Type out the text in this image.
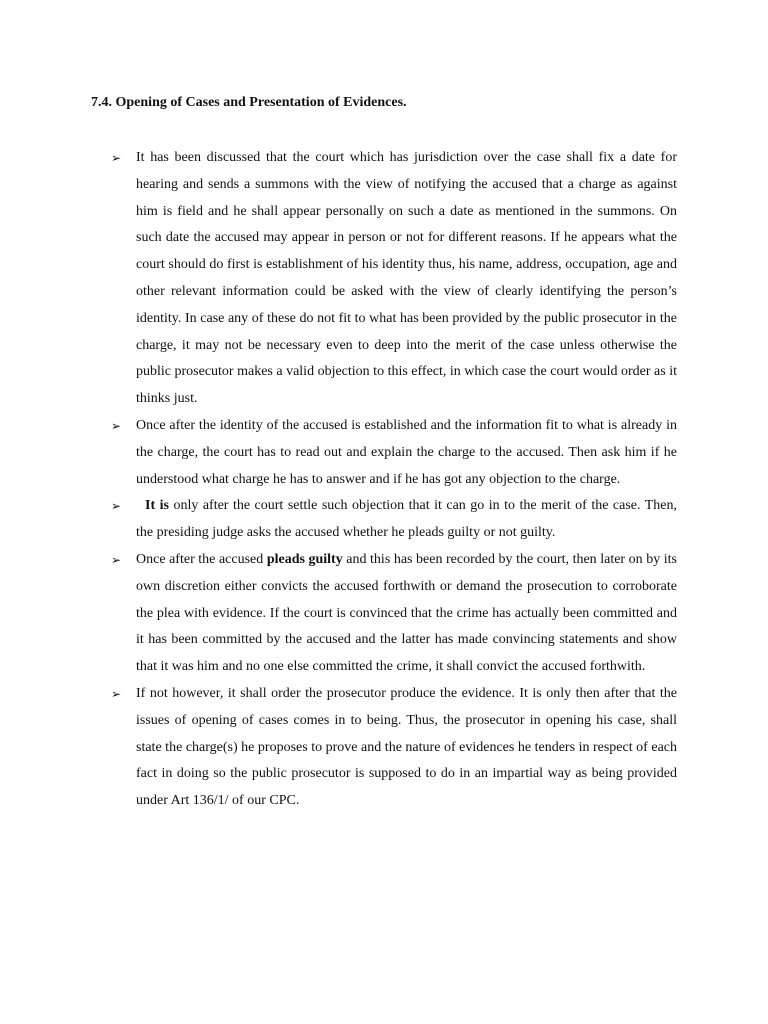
7.4. Opening of Cases and Presentation of Evidences.
➢ It has been discussed that the court which has jurisdiction over the case shall fix a date for hearing and sends a summons with the view of notifying the accused that a charge as against him is field and he shall appear personally on such a date as mentioned in the summons. On such date the accused may appear in person or not for different reasons. If he appears what the court should do first is establishment of his identity thus, his name, address, occupation, age and other relevant information could be asked with the view of clearly identifying the person’s identity. In case any of these do not fit to what has been provided by the public prosecutor in the charge, it may not be necessary even to deep into the merit of the case unless otherwise the public prosecutor makes a valid objection to this effect, in which case the court would order as it thinks just.
➢ Once after the identity of the accused is established and the information fit to what is already in the charge, the court has to read out and explain the charge to the accused. Then ask him if he understood what charge he has to answer and if he has got any objection to the charge.
➢ It is only after the court settle such objection that it can go in to the merit of the case. Then, the presiding judge asks the accused whether he pleads guilty or not guilty.
➢ Once after the accused pleads guilty and this has been recorded by the court, then later on by its own discretion either convicts the accused forthwith or demand the prosecution to corroborate the plea with evidence. If the court is convinced that the crime has actually been committed and it has been committed by the accused and the latter has made convincing statements and show that it was him and no one else committed the crime, it shall convict the accused forthwith.
➢ If not however, it shall order the prosecutor produce the evidence. It is only then after that the issues of opening of cases comes in to being. Thus, the prosecutor in opening his case, shall state the charge(s) he proposes to prove and the nature of evidences he tenders in respect of each fact in doing so the public prosecutor is supposed to do in an impartial way as being provided under Art 136/1/ of our CPC.
